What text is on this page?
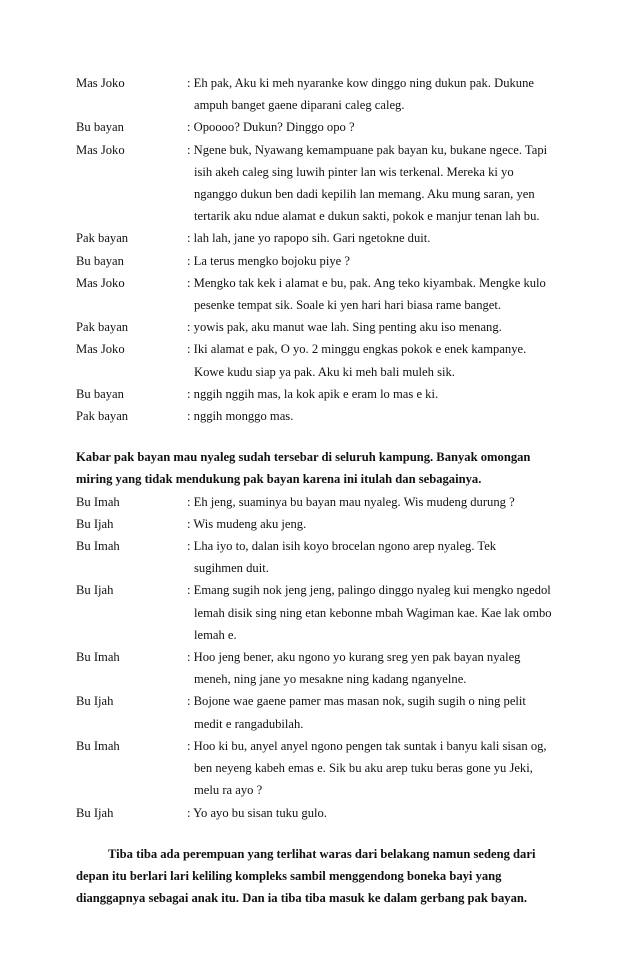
Mas Joko	: Eh pak, Aku ki meh nyaranke kow dinggo ning dukun pak. Dukune
ampuh banget gaene diparani caleg caleg.
Bu bayan	: Opoooo? Dukun? Dinggo opo ?
Mas Joko	: Ngene buk, Nyawang kemampuane pak bayan ku, bukane ngece. Tapi
isih akeh caleg sing luwih pinter lan wis terkenal. Mereka ki yo
nganggo dukun ben dadi kepilih lan memang. Aku mung saran, yen
tertarik aku ndue alamat e dukun sakti, pokok e manjur tenan lah bu.
Pak bayan	: lah lah, jane yo rapopo sih. Gari ngetokne duit.
Bu bayan	: La terus mengko bojoku piye ?
Mas Joko	: Mengko tak kek i alamat e bu, pak. Ang teko kiyambak. Mengke kulo
pesenke tempat sik. Soale ki yen hari hari biasa rame banget.
Pak bayan	: yowis pak, aku manut wae lah. Sing penting aku iso menang.
Mas Joko	: Iki alamat e pak, O yo. 2 minggu engkas pokok e enek kampanye.
Kowe kudu siap ya pak. Aku ki meh bali muleh sik.
Bu bayan	: nggih nggih mas, la kok apik e eram lo mas e ki.
Pak bayan	: nggih monggo mas.
Kabar pak bayan mau nyaleg sudah tersebar di seluruh kampung. Banyak omongan
miring yang tidak mendukung pak bayan karena ini itulah dan sebagainya.
Bu Imah	: Eh jeng, suaminya bu bayan mau nyaleg. Wis mudeng durung ?
Bu Ijah	: Wis mudeng aku jeng.
Bu Imah	: Lha iyo to, dalan isih koyo brocelan ngono arep nyaleg. Tek
sugihmen duit.
Bu Ijah	: Emang sugih nok jeng jeng, palingo dinggo nyaleg kui mengko ngedol
lemah disik sing ning etan kebonne mbah Wagiman kae. Kae lak ombo
lemah e.
Bu Imah	: Hoo jeng bener, aku ngono yo kurang sreg yen pak bayan nyaleg
meneh, ning jane yo mesakne ning kadang nganyelne.
Bu Ijah	: Bojone wae gaene pamer mas masan nok, sugih sugih o ning pelit
medit e rangadubilah.
Bu Imah	: Hoo ki bu, anyel anyel ngono pengen tak suntak i banyu kali sisan og,
ben neyeng kabeh emas e. Sik bu aku arep tuku beras gone yu Jeki,
melu ra ayo ?
Bu Ijah	: Yo ayo bu sisan tuku gulo.
Tiba tiba ada perempuan yang terlihat waras dari belakang namun sedeng dari
depan itu berlari lari keliling kompleks sambil menggendong boneka bayi yang
dianggapnya sebagai anak itu. Dan ia tiba tiba masuk ke dalam gerbang pak bayan.
